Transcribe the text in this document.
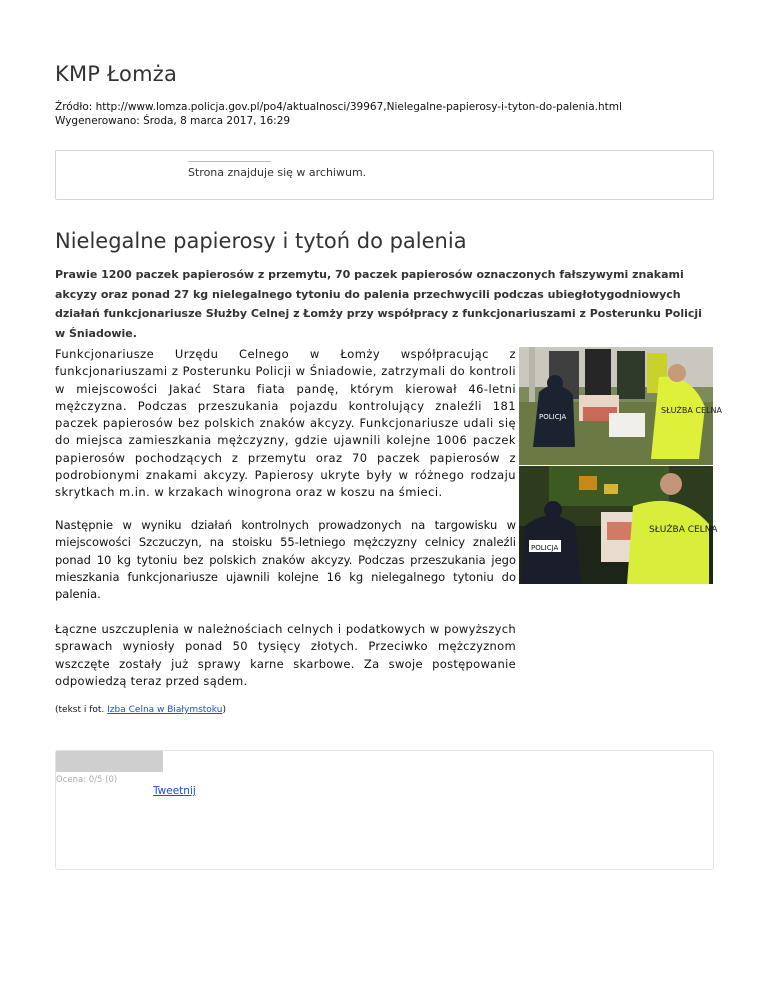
KMP Łomża
Źródło: http://www.lomza.policja.gov.pl/po4/aktualnosci/39967,Nielegalne-papierosy-i-tyton-do-palenia.html
Wygenerowano: Środa, 8 marca 2017, 16:29
Strona znajduje się w archiwum.
Nielegalne papierosy i tytoń do palenia
Prawie 1200 paczek papierosów z przemytu, 70 paczek papierosów oznaczonych fałszywymi znakami akcyzy oraz ponad 27 kg nielegalnego tytoniu do palenia przechwycili podczas ubiegłotygodniowych działań funkcjonariusze Służby Celnej z Łomży przy współpracy z funkcjonariuszami z Posterunku Policji w Śniadowie.
SŁUŻBA CELNA
POLICJA
SŁUŻBA CELNA
POLICJA

Funkcjonariusze Urzędu Celnego w Łomży współpracując z funkcjonariuszami z Posterunku Policji w Śniadowie, zatrzymali do kontroli w miejscowości Jakać Stara fiata pandę, którym kierował 46-letni mężczyzna. Podczas przeszukania pojazdu kontrolujący znaleźli 181 paczek papierosów bez polskich znaków akcyzy. Funkcjonariusze udali się do miejsca zamieszkania mężczyzny, gdzie ujawnili kolejne 1006 paczek papierosów pochodzących z przemytu oraz 70 paczek papierosów z podrobionymi znakami akcyzy. Papierosy ukryte były w różnego rodzaju skrytkach m.in. w krzakach winogrona oraz w koszu na śmieci.

Następnie w wyniku działań kontrolnych prowadzonych na targowisku w miejscowości Szczuczyn, na stoisku 55-letniego mężczyzny celnicy znaleźli ponad 10 kg tytoniu bez polskich znaków akcyzy. Podczas przeszukania jego mieszkania funkcjonariusze ujawnili kolejne 16 kg nielegalnego tytoniu do palenia.

Łączne uszczuplenia w należnościach celnych i podatkowych w powyższych sprawach wyniosły ponad 50 tysięcy złotych. Przeciwko mężczyznom wszczęte zostały już sprawy karne skarbowe. Za swoje postępowanie odpowiedzą teraz przed sądem.

(tekst i fot. Izba Celna w Białymstoku)
Ocena: 0/5 (0)
Tweetnij
